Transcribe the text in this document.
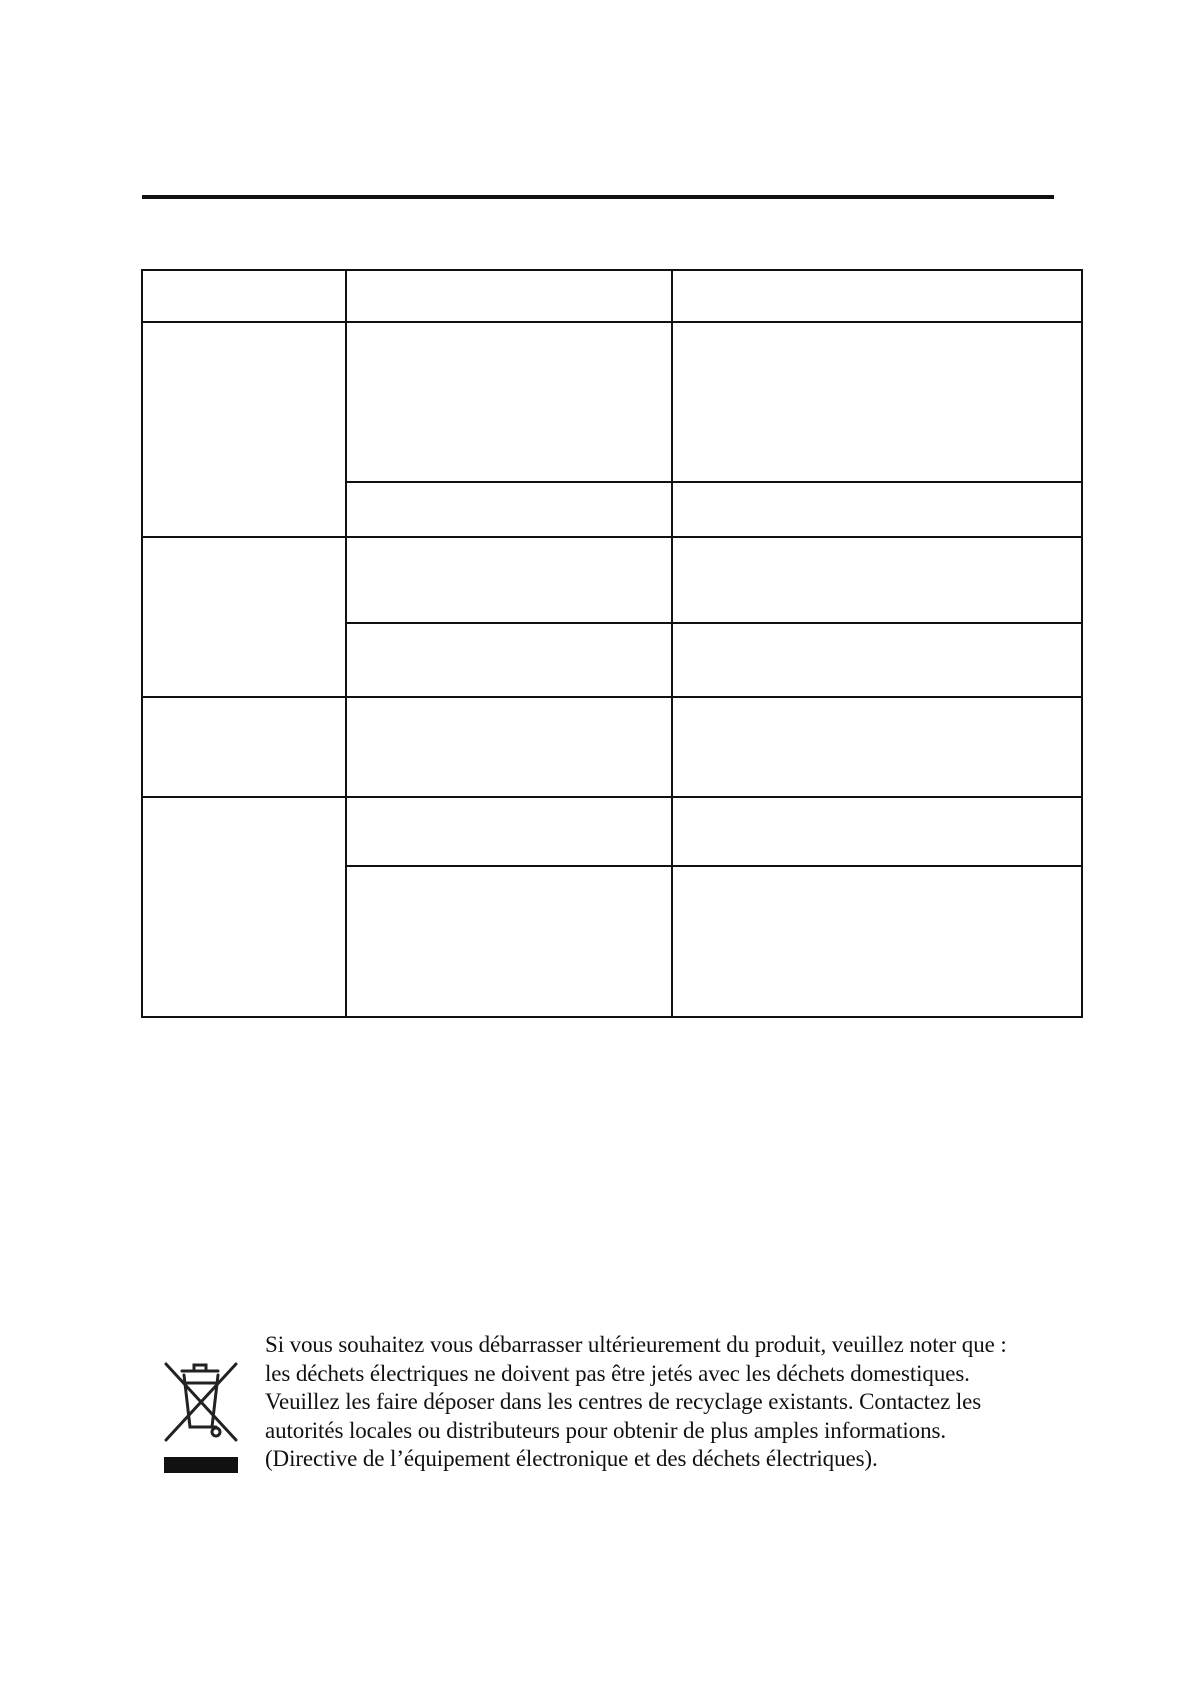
Si vous souhaitez vous débarrasser ultérieurement du produit, veuillez noter que :
les déchets électriques ne doivent pas être jetés avec les déchets domestiques.
Veuillez les faire déposer dans les centres de recyclage existants. Contactez les
autorités locales ou distributeurs pour obtenir de plus amples informations.
(Directive de l’équipement électronique et des déchets électriques).
